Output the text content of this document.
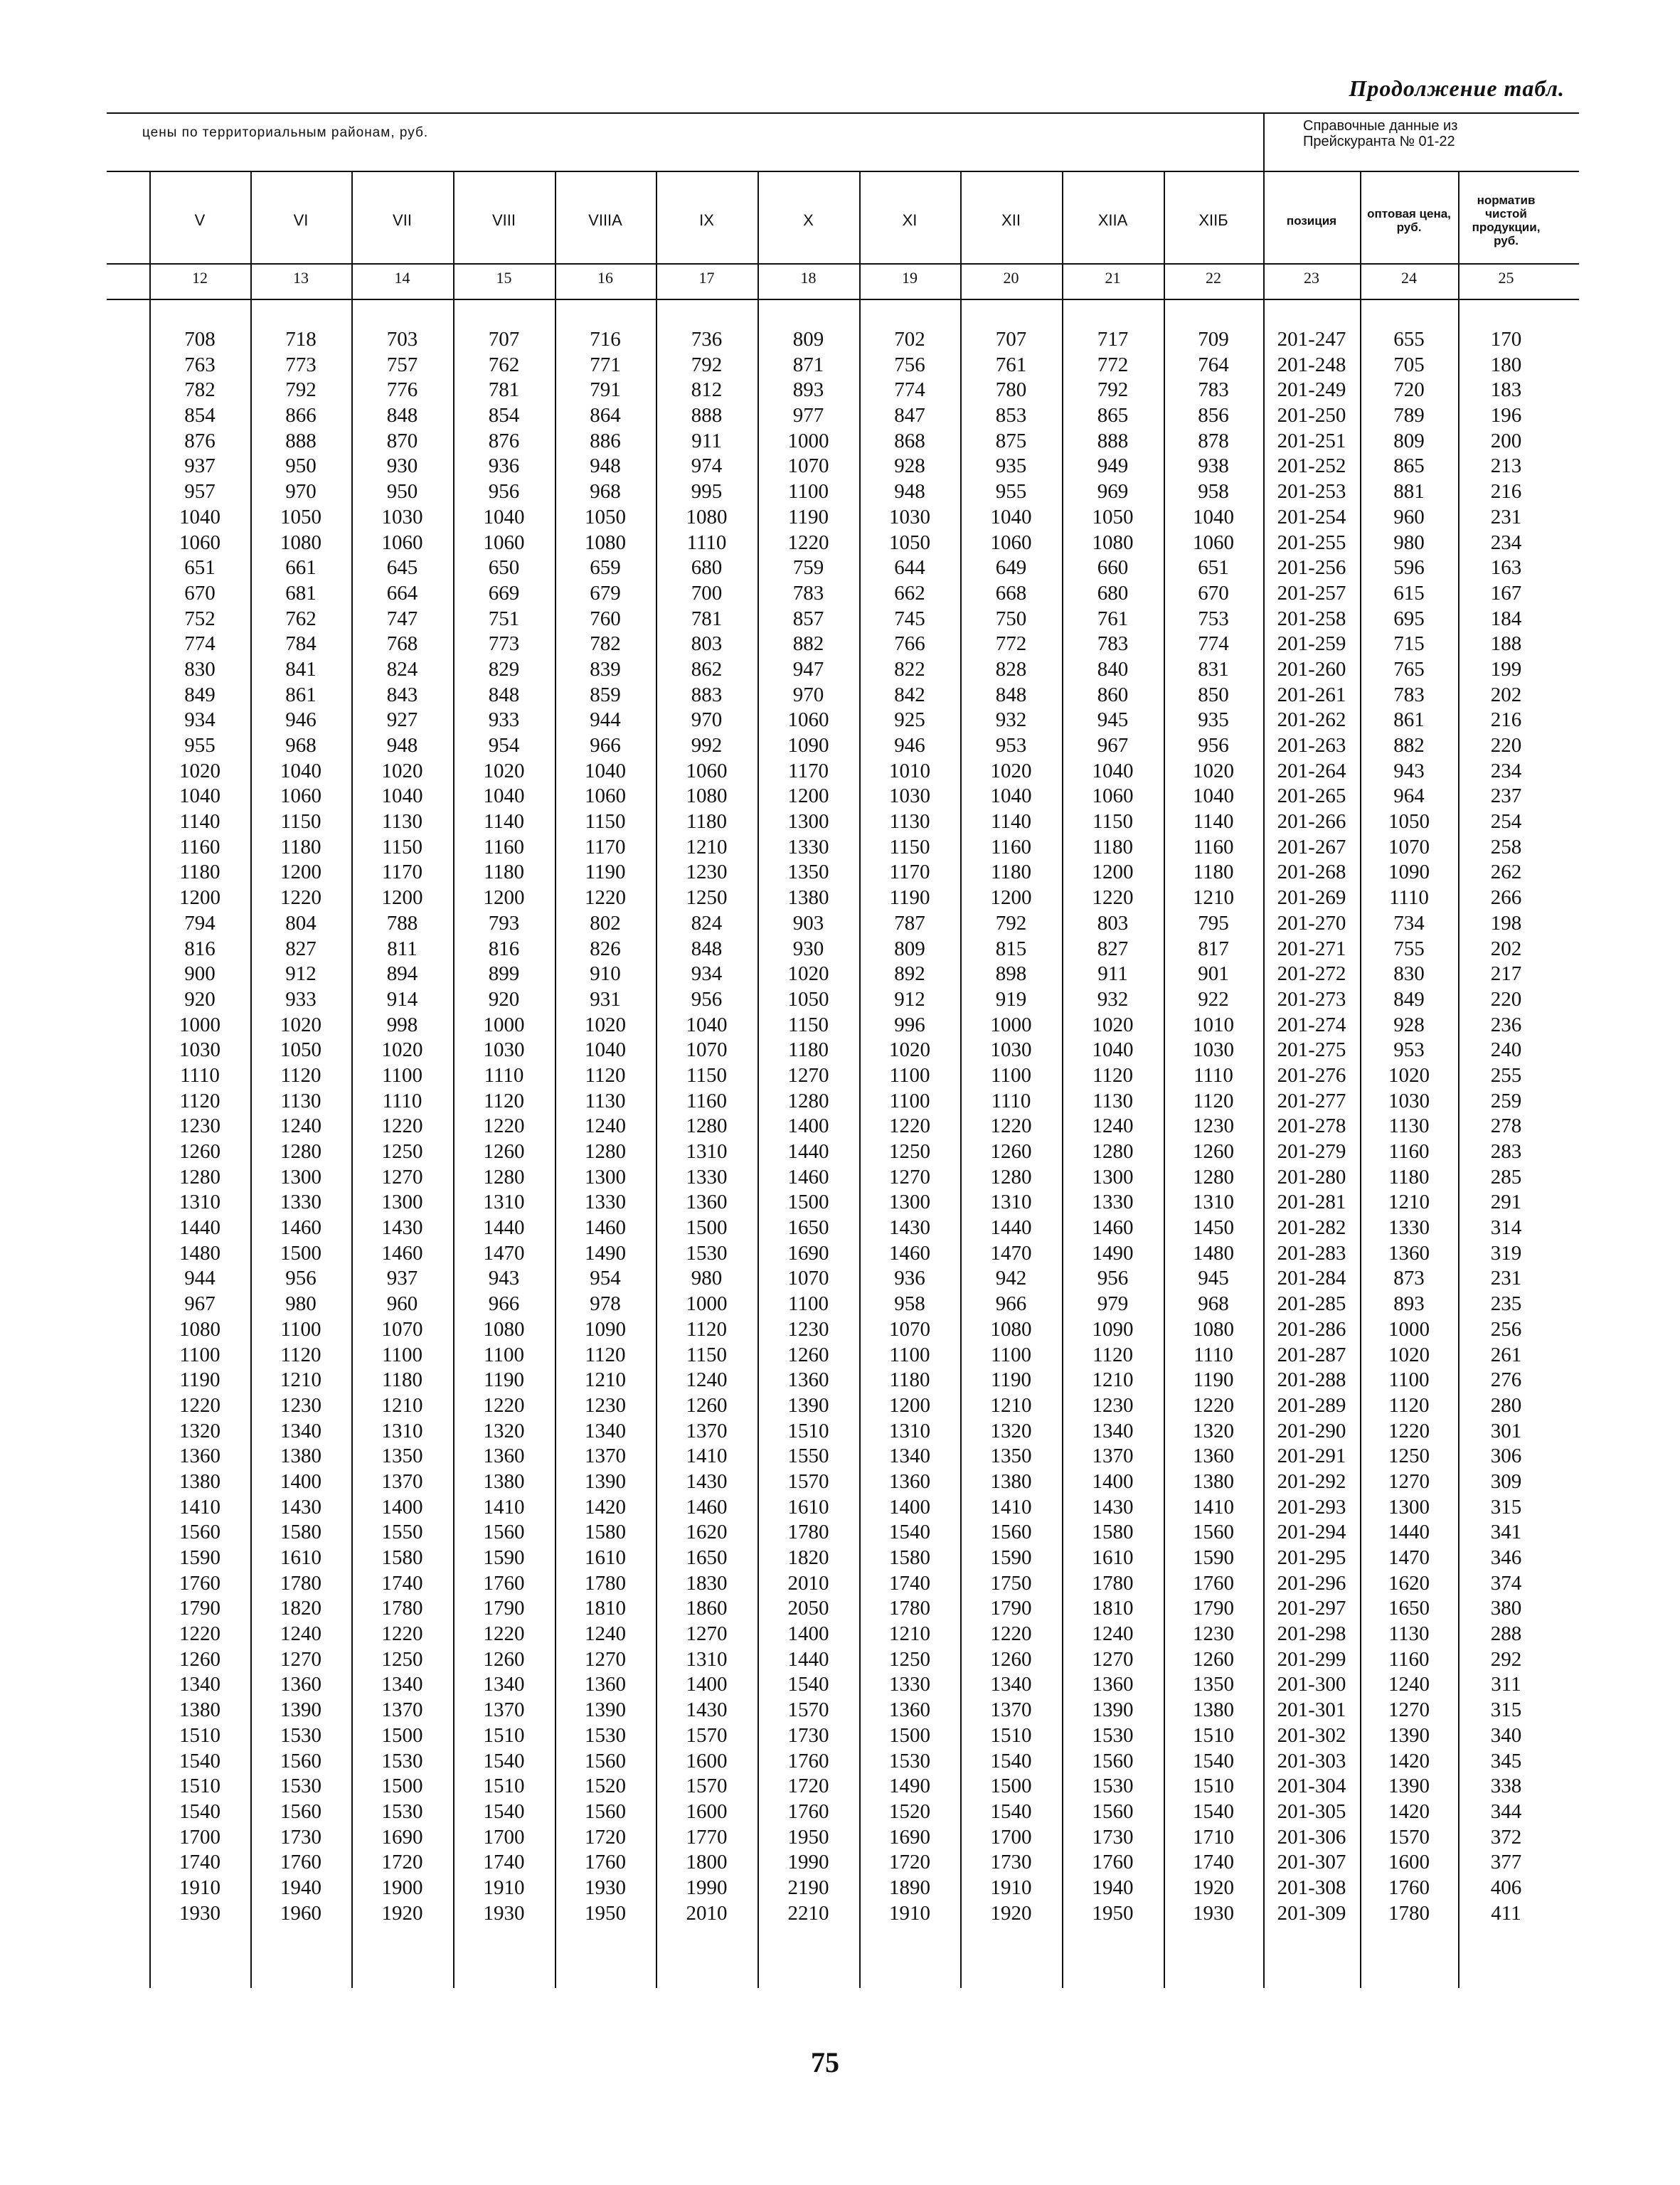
Продолжение табл.
цены по территориальным районам, руб.	Справочные данные из Прейскуранта № 01-22
V
12
708
763
782
854
876
937
957
1040
1060
651
670
752
774
830
849
934
955
1020
1040
1140
1160
1180
1200
794
816
900
920
1000
1030
1110
1120
1230
1260
1280
1310
1440
1480
944
967
1080
1100
1190
1220
1320
1360
1380
1410
1560
1590
1760
1790
1220
1260
1340
1380
1510
1540
1510
1540
1700
1740
1910
1930
VI
13
718
773
792
866
888
950
970
1050
1080
661
681
762
784
841
861
946
968
1040
1060
1150
1180
1200
1220
804
827
912
933
1020
1050
1120
1130
1240
1280
1300
1330
1460
1500
956
980
1100
1120
1210
1230
1340
1380
1400
1430
1580
1610
1780
1820
1240
1270
1360
1390
1530
1560
1530
1560
1730
1760
1940
1960
VII
14
703
757
776
848
870
930
950
1030
1060
645
664
747
768
824
843
927
948
1020
1040
1130
1150
1170
1200
788
811
894
914
998
1020
1100
1110
1220
1250
1270
1300
1430
1460
937
960
1070
1100
1180
1210
1310
1350
1370
1400
1550
1580
1740
1780
1220
1250
1340
1370
1500
1530
1500
1530
1690
1720
1900
1920
VIII
15
707
762
781
854
876
936
956
1040
1060
650
669
751
773
829
848
933
954
1020
1040
1140
1160
1180
1200
793
816
899
920
1000
1030
1110
1120
1220
1260
1280
1310
1440
1470
943
966
1080
1100
1190
1220
1320
1360
1380
1410
1560
1590
1760
1790
1220
1260
1340
1370
1510
1540
1510
1540
1700
1740
1910
1930
VIIIA
16
716
771
791
864
886
948
968
1050
1080
659
679
760
782
839
859
944
966
1040
1060
1150
1170
1190
1220
802
826
910
931
1020
1040
1120
1130
1240
1280
1300
1330
1460
1490
954
978
1090
1120
1210
1230
1340
1370
1390
1420
1580
1610
1780
1810
1240
1270
1360
1390
1530
1560
1520
1560
1720
1760
1930
1950
IX
17
736
792
812
888
911
974
995
1080
1110
680
700
781
803
862
883
970
992
1060
1080
1180
1210
1230
1250
824
848
934
956
1040
1070
1150
1160
1280
1310
1330
1360
1500
1530
980
1000
1120
1150
1240
1260
1370
1410
1430
1460
1620
1650
1830
1860
1270
1310
1400
1430
1570
1600
1570
1600
1770
1800
1990
2010
X
18
809
871
893
977
1000
1070
1100
1190
1220
759
783
857
882
947
970
1060
1090
1170
1200
1300
1330
1350
1380
903
930
1020
1050
1150
1180
1270
1280
1400
1440
1460
1500
1650
1690
1070
1100
1230
1260
1360
1390
1510
1550
1570
1610
1780
1820
2010
2050
1400
1440
1540
1570
1730
1760
1720
1760
1950
1990
2190
2210
XI
19
702
756
774
847
868
928
948
1030
1050
644
662
745
766
822
842
925
946
1010
1030
1130
1150
1170
1190
787
809
892
912
996
1020
1100
1100
1220
1250
1270
1300
1430
1460
936
958
1070
1100
1180
1200
1310
1340
1360
1400
1540
1580
1740
1780
1210
1250
1330
1360
1500
1530
1490
1520
1690
1720
1890
1910
XII
20
707
761
780
853
875
935
955
1040
1060
649
668
750
772
828
848
932
953
1020
1040
1140
1160
1180
1200
792
815
898
919
1000
1030
1100
1110
1220
1260
1280
1310
1440
1470
942
966
1080
1100
1190
1210
1320
1350
1380
1410
1560
1590
1750
1790
1220
1260
1340
1370
1510
1540
1500
1540
1700
1730
1910
1920
XIIA
21
717
772
792
865
888
949
969
1050
1080
660
680
761
783
840
860
945
967
1040
1060
1150
1180
1200
1220
803
827
911
932
1020
1040
1120
1130
1240
1280
1300
1330
1460
1490
956
979
1090
1120
1210
1230
1340
1370
1400
1430
1580
1610
1780
1810
1240
1270
1360
1390
1530
1560
1530
1560
1730
1760
1940
1950
XIIБ
22
709
764
783
856
878
938
958
1040
1060
651
670
753
774
831
850
935
956
1020
1040
1140
1160
1180
1210
795
817
901
922
1010
1030
1110
1120
1230
1260
1280
1310
1450
1480
945
968
1080
1110
1190
1220
1320
1360
1380
1410
1560
1590
1760
1790
1230
1260
1350
1380
1510
1540
1510
1540
1710
1740
1920
1930
позиция
23
201-247
201-248
201-249
201-250
201-251
201-252
201-253
201-254
201-255
201-256
201-257
201-258
201-259
201-260
201-261
201-262
201-263
201-264
201-265
201-266
201-267
201-268
201-269
201-270
201-271
201-272
201-273
201-274
201-275
201-276
201-277
201-278
201-279
201-280
201-281
201-282
201-283
201-284
201-285
201-286
201-287
201-288
201-289
201-290
201-291
201-292
201-293
201-294
201-295
201-296
201-297
201-298
201-299
201-300
201-301
201-302
201-303
201-304
201-305
201-306
201-307
201-308
201-309
оптовая цена, руб.
24
655
705
720
789
809
865
881
960
980
596
615
695
715
765
783
861
882
943
964
1050
1070
1090
1110
734
755
830
849
928
953
1020
1030
1130
1160
1180
1210
1330
1360
873
893
1000
1020
1100
1120
1220
1250
1270
1300
1440
1470
1620
1650
1130
1160
1240
1270
1390
1420
1390
1420
1570
1600
1760
1780
норматив чистой продукции, руб.
25
170
180
183
196
200
213
216
231
234
163
167
184
188
199
202
216
220
234
237
254
258
262
266
198
202
217
220
236
240
255
259
278
283
285
291
314
319
231
235
256
261
276
280
301
306
309
315
341
346
374
380
288
292
311
315
340
345
338
344
372
377
406
411
75
